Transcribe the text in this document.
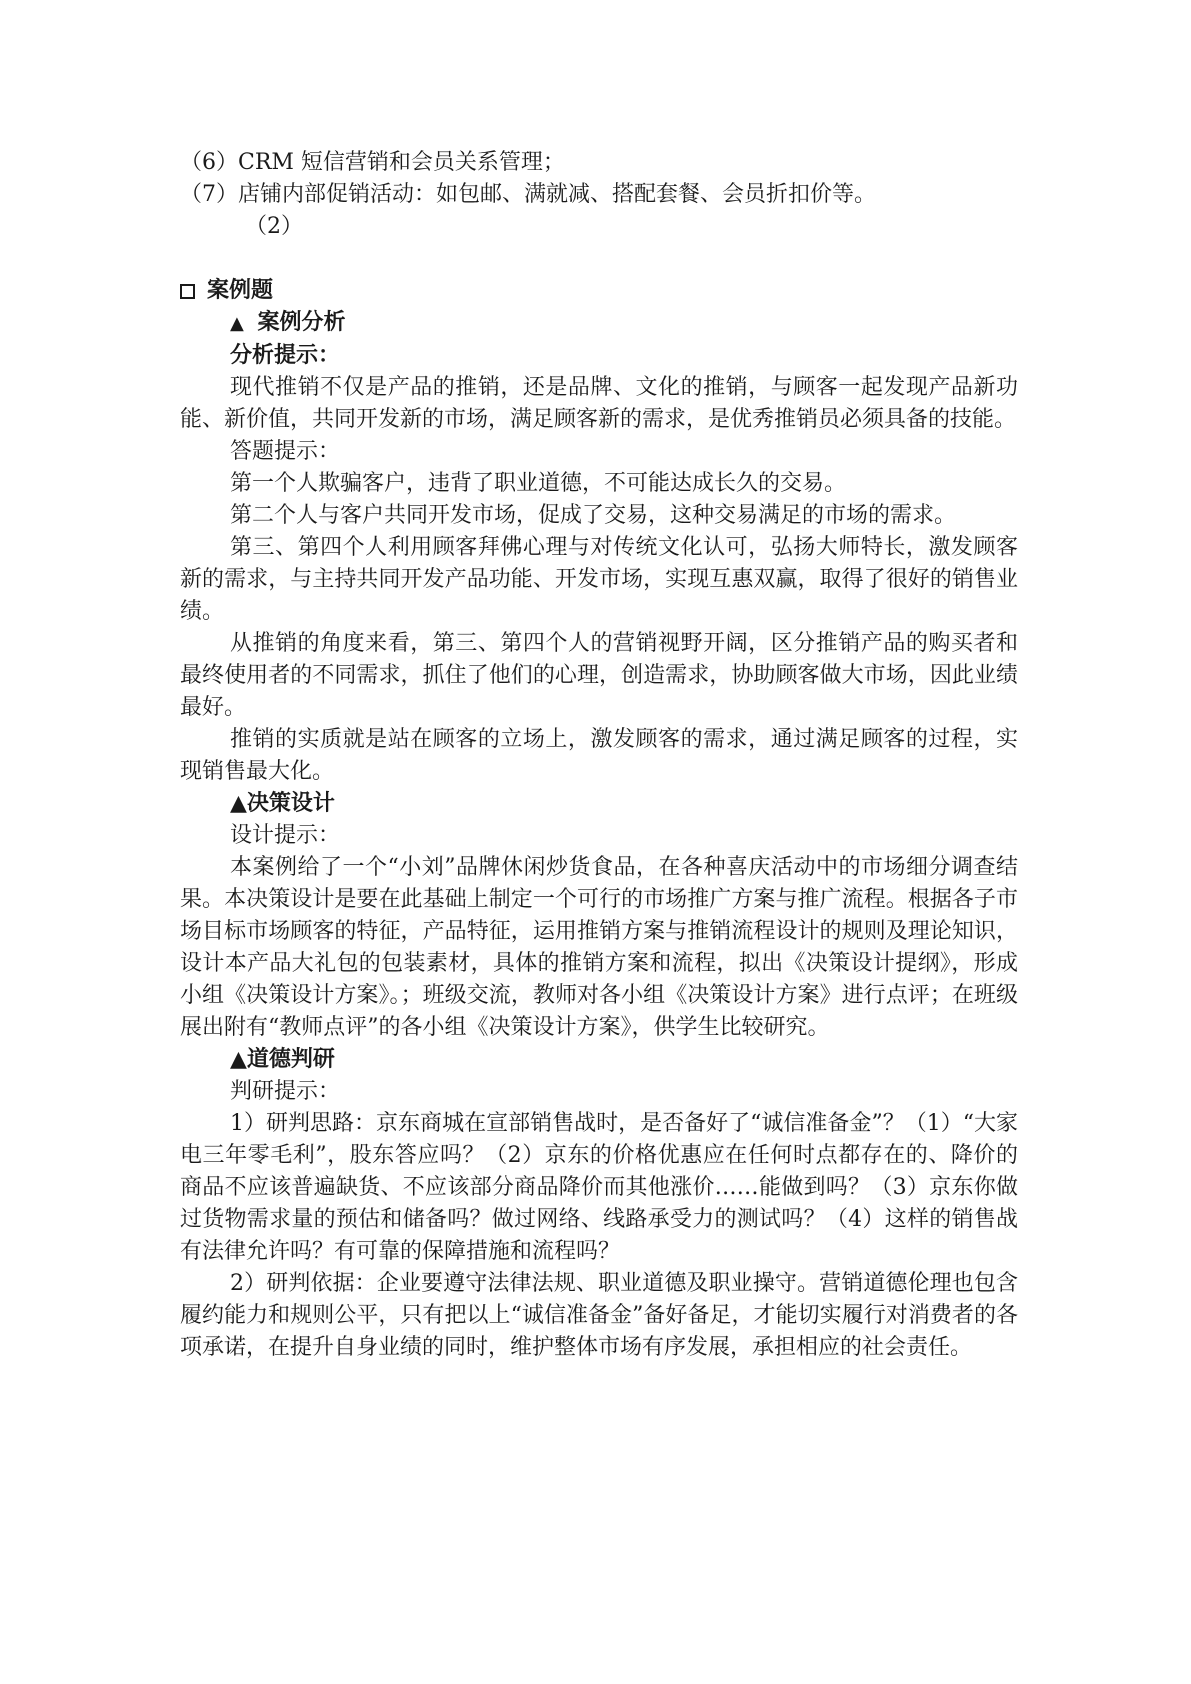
（6）CRM 短信营销和会员关系管理；

（7）店铺内部促销活动：如包邮、满就减、搭配套餐、会员折扣价等。

（2）

案例题

▲ 案例分析

分析提示：

现代推销不仅是产品的推销，还是品牌、文化的推销，与顾客一起发现产品新功能、新价值，共同开发新的市场，满足顾客新的需求，是优秀推销员必须具备的技能。

答题提示：

第一个人欺骗客户，违背了职业道德，不可能达成长久的交易。

第二个人与客户共同开发市场，促成了交易，这种交易满足的市场的需求。

第三、第四个人利用顾客拜佛心理与对传统文化认可，弘扬大师特长，激发顾客新的需求，与主持共同开发产品功能、开发市场，实现互惠双赢，取得了很好的销售业绩。

从推销的角度来看，第三、第四个人的营销视野开阔，区分推销产品的购买者和最终使用者的不同需求，抓住了他们的心理，创造需求，协助顾客做大市场，因此业绩最好。

推销的实质就是站在顾客的立场上，激发顾客的需求，通过满足顾客的过程，实现销售最大化。

▲决策设计

设计提示：

本案例给了一个“小刘”品牌休闲炒货食品，在各种喜庆活动中的市场细分调查结果。本决策设计是要在此基础上制定一个可行的市场推广方案与推广流程。根据各子市场目标市场顾客的特征，产品特征，运用推销方案与推销流程设计的规则及理论知识，设计本产品大礼包的包装素材，具体的推销方案和流程，拟出《决策设计提纲》，形成小组《决策设计方案》。；班级交流，教师对各小组《决策设计方案》进行点评；在班级展出附有“教师点评”的各小组《决策设计方案》，供学生比较研究。

▲道德判研

判研提示：

1）研判思路：京东商城在宣部销售战时，是否备好了“诚信准备金”？（1）“大家电三年零毛利”，股东答应吗？（2）京东的价格优惠应在任何时点都存在的、降价的商品不应该普遍缺货、不应该部分商品降价而其他涨价……能做到吗？（3）京东你做过货物需求量的预估和储备吗？做过网络、线路承受力的测试吗？（4）这样的销售战有法律允许吗？有可靠的保障措施和流程吗？

2）研判依据：企业要遵守法律法规、职业道德及职业操守。营销道德伦理也包含履约能力和规则公平，只有把以上“诚信准备金”备好备足，才能切实履行对消费者的各项承诺，在提升自身业绩的同时，维护整体市场有序发展，承担相应的社会责任。
